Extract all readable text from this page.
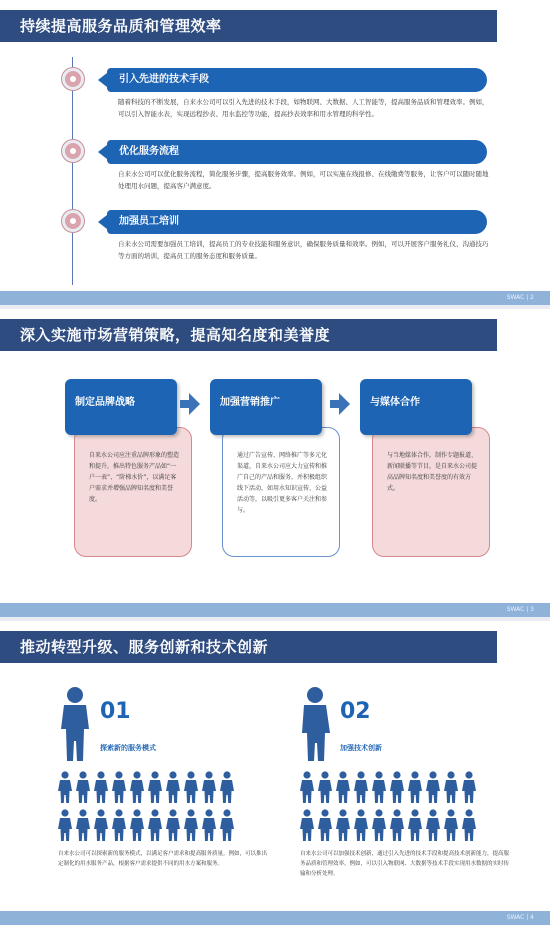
持续提高服务品质和管理效率
引入先进的技术手段
随着科技的不断发展，自来水公司可以引入先进的技术手段，如物联网、大数据、人工智能等，提高服务品质和管理效率。例如，可以引入智能水表，实现远程抄表、用水监控等功能，提高抄表效率和用水管理的科学性。
优化服务流程
自来水公司可以优化服务流程，简化服务步骤，提高服务效率。例如，可以实施在线报修、在线缴费等服务，让客户可以随时随地处理用水问题，提高客户满意度。
加强员工培训
自来水公司需要加强员工培训，提高员工的专业技能和服务意识，确保服务质量和效率。例如，可以开展客户服务礼仪、沟通技巧等方面的培训，提高员工的服务态度和服务质量。
SWAC | 2
深入实施市场营销策略，提高知名度和美誉度
制定品牌战略
自来水公司应注重品牌形象的塑造和提升，推出特色服务产品如“一户一表”、“阶梯水价”，以满足客户需求并增强品牌知名度和美誉度。
加强营销推广
通过广告宣传、网络推广等多元化渠道，自来水公司应大力宣传和推广自己的产品和服务，并积极组织线下活动，如用水知识宣传、公益活动等，以吸引更多客户关注和参与。
与媒体合作
与当地媒体合作，制作专题报道、新闻联播等节目，是自来水公司提高品牌知名度和美誉度的有效方式。
SWAC | 3
推动转型升级、服务创新和技术创新
01
探索新的服务模式
02
加强技术创新
自来水公司可以探索新的服务模式，以满足客户需求和提高服务质量。例如，可以推出定制化的用水服务产品，根据客户需求提供不同的用水方案和服务。
自来水公司可以加强技术创新，通过引入先进的技术手段和提高技术创新能力，提高服务品质和管理效率。例如，可以引入物联网、大数据等技术手段实现用水数据的实时传输和分析处理。
SWAC | 4
